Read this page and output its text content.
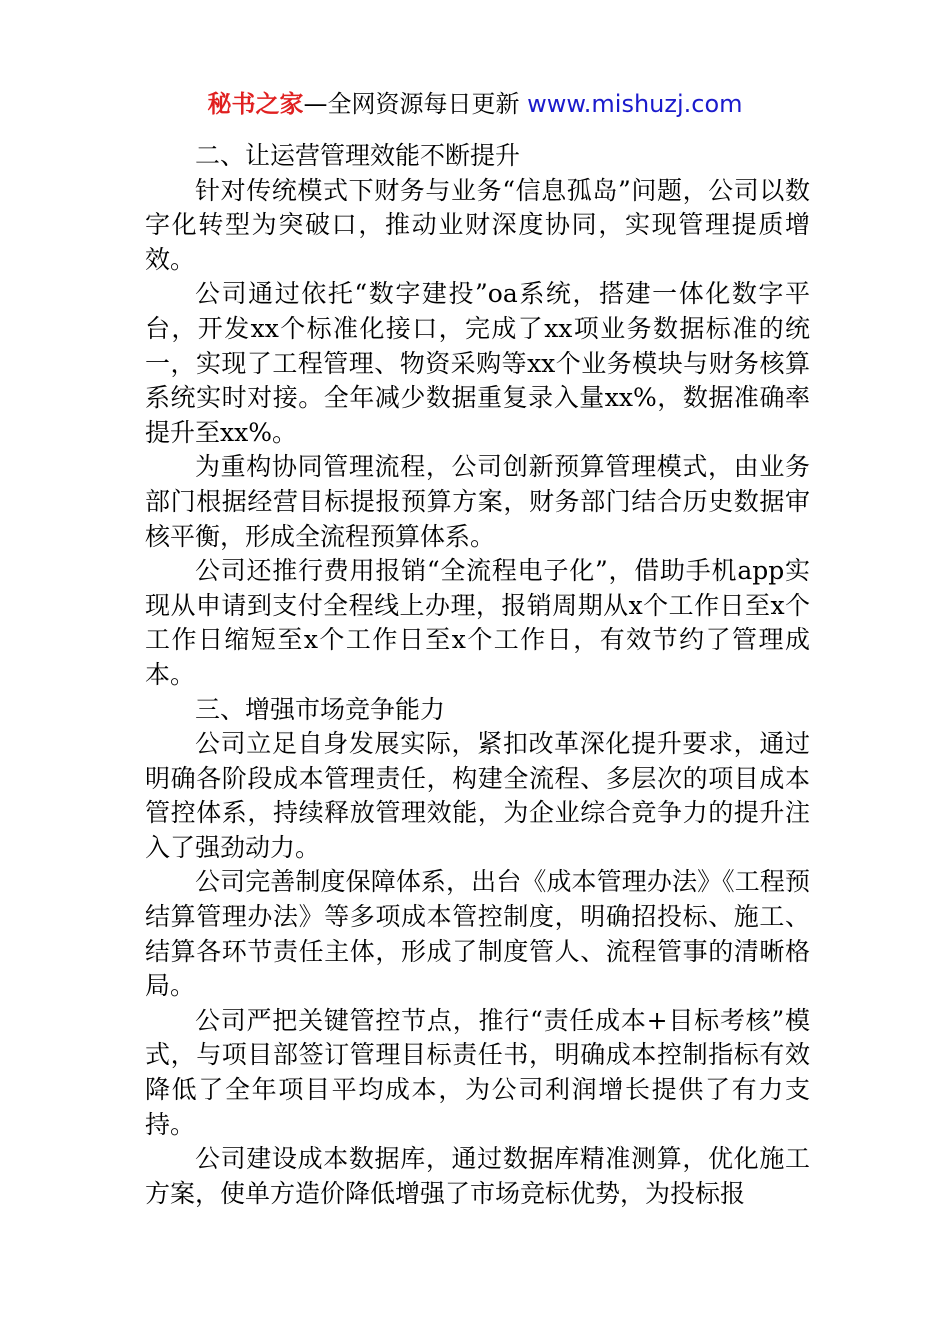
秘书之家—全网资源每日更新 www.mishuzj.com

二、让运营管理效能不断提升

针对传统模式下财务与业务“信息孤岛”问题，公司以数字化转型为突破口，推动业财深度协同，实现管理提质增效。

公司通过依托“数字建投”oa系统，搭建一体化数字平台，开发xx个标准化接口，完成了xx项业务数据标准的统一，实现了工程管理、物资采购等xx个业务模块与财务核算系统实时对接。全年减少数据重复录入量xx%，数据准确率提升至xx%。

为重构协同管理流程，公司创新预算管理模式，由业务部门根据经营目标提报预算方案，财务部门结合历史数据审核平衡，形成全流程预算体系。

公司还推行费用报销“全流程电子化”，借助手机app实现从申请到支付全程线上办理，报销周期从x个工作日至x个工作日缩短至x个工作日至x个工作日，有效节约了管理成本。

三、增强市场竞争能力

公司立足自身发展实际，紧扣改革深化提升要求，通过明确各阶段成本管理责任，构建全流程、多层次的项目成本管控体系，持续释放管理效能，为企业综合竞争力的提升注入了强劲动力。

公司完善制度保障体系，出台《成本管理办法》《工程预结算管理办法》等多项成本管控制度，明确招投标、施工、结算各环节责任主体，形成了制度管人、流程管事的清晰格局。

公司严把关键管控节点，推行“责任成本+目标考核”模式，与项目部签订管理目标责任书，明确成本控制指标有效降低了全年项目平均成本，为公司利润增长提供了有力支持。

公司建设成本数据库，通过数据库精准测算，优化施工方案，使单方造价降低增强了市场竞标优势，为投标报
